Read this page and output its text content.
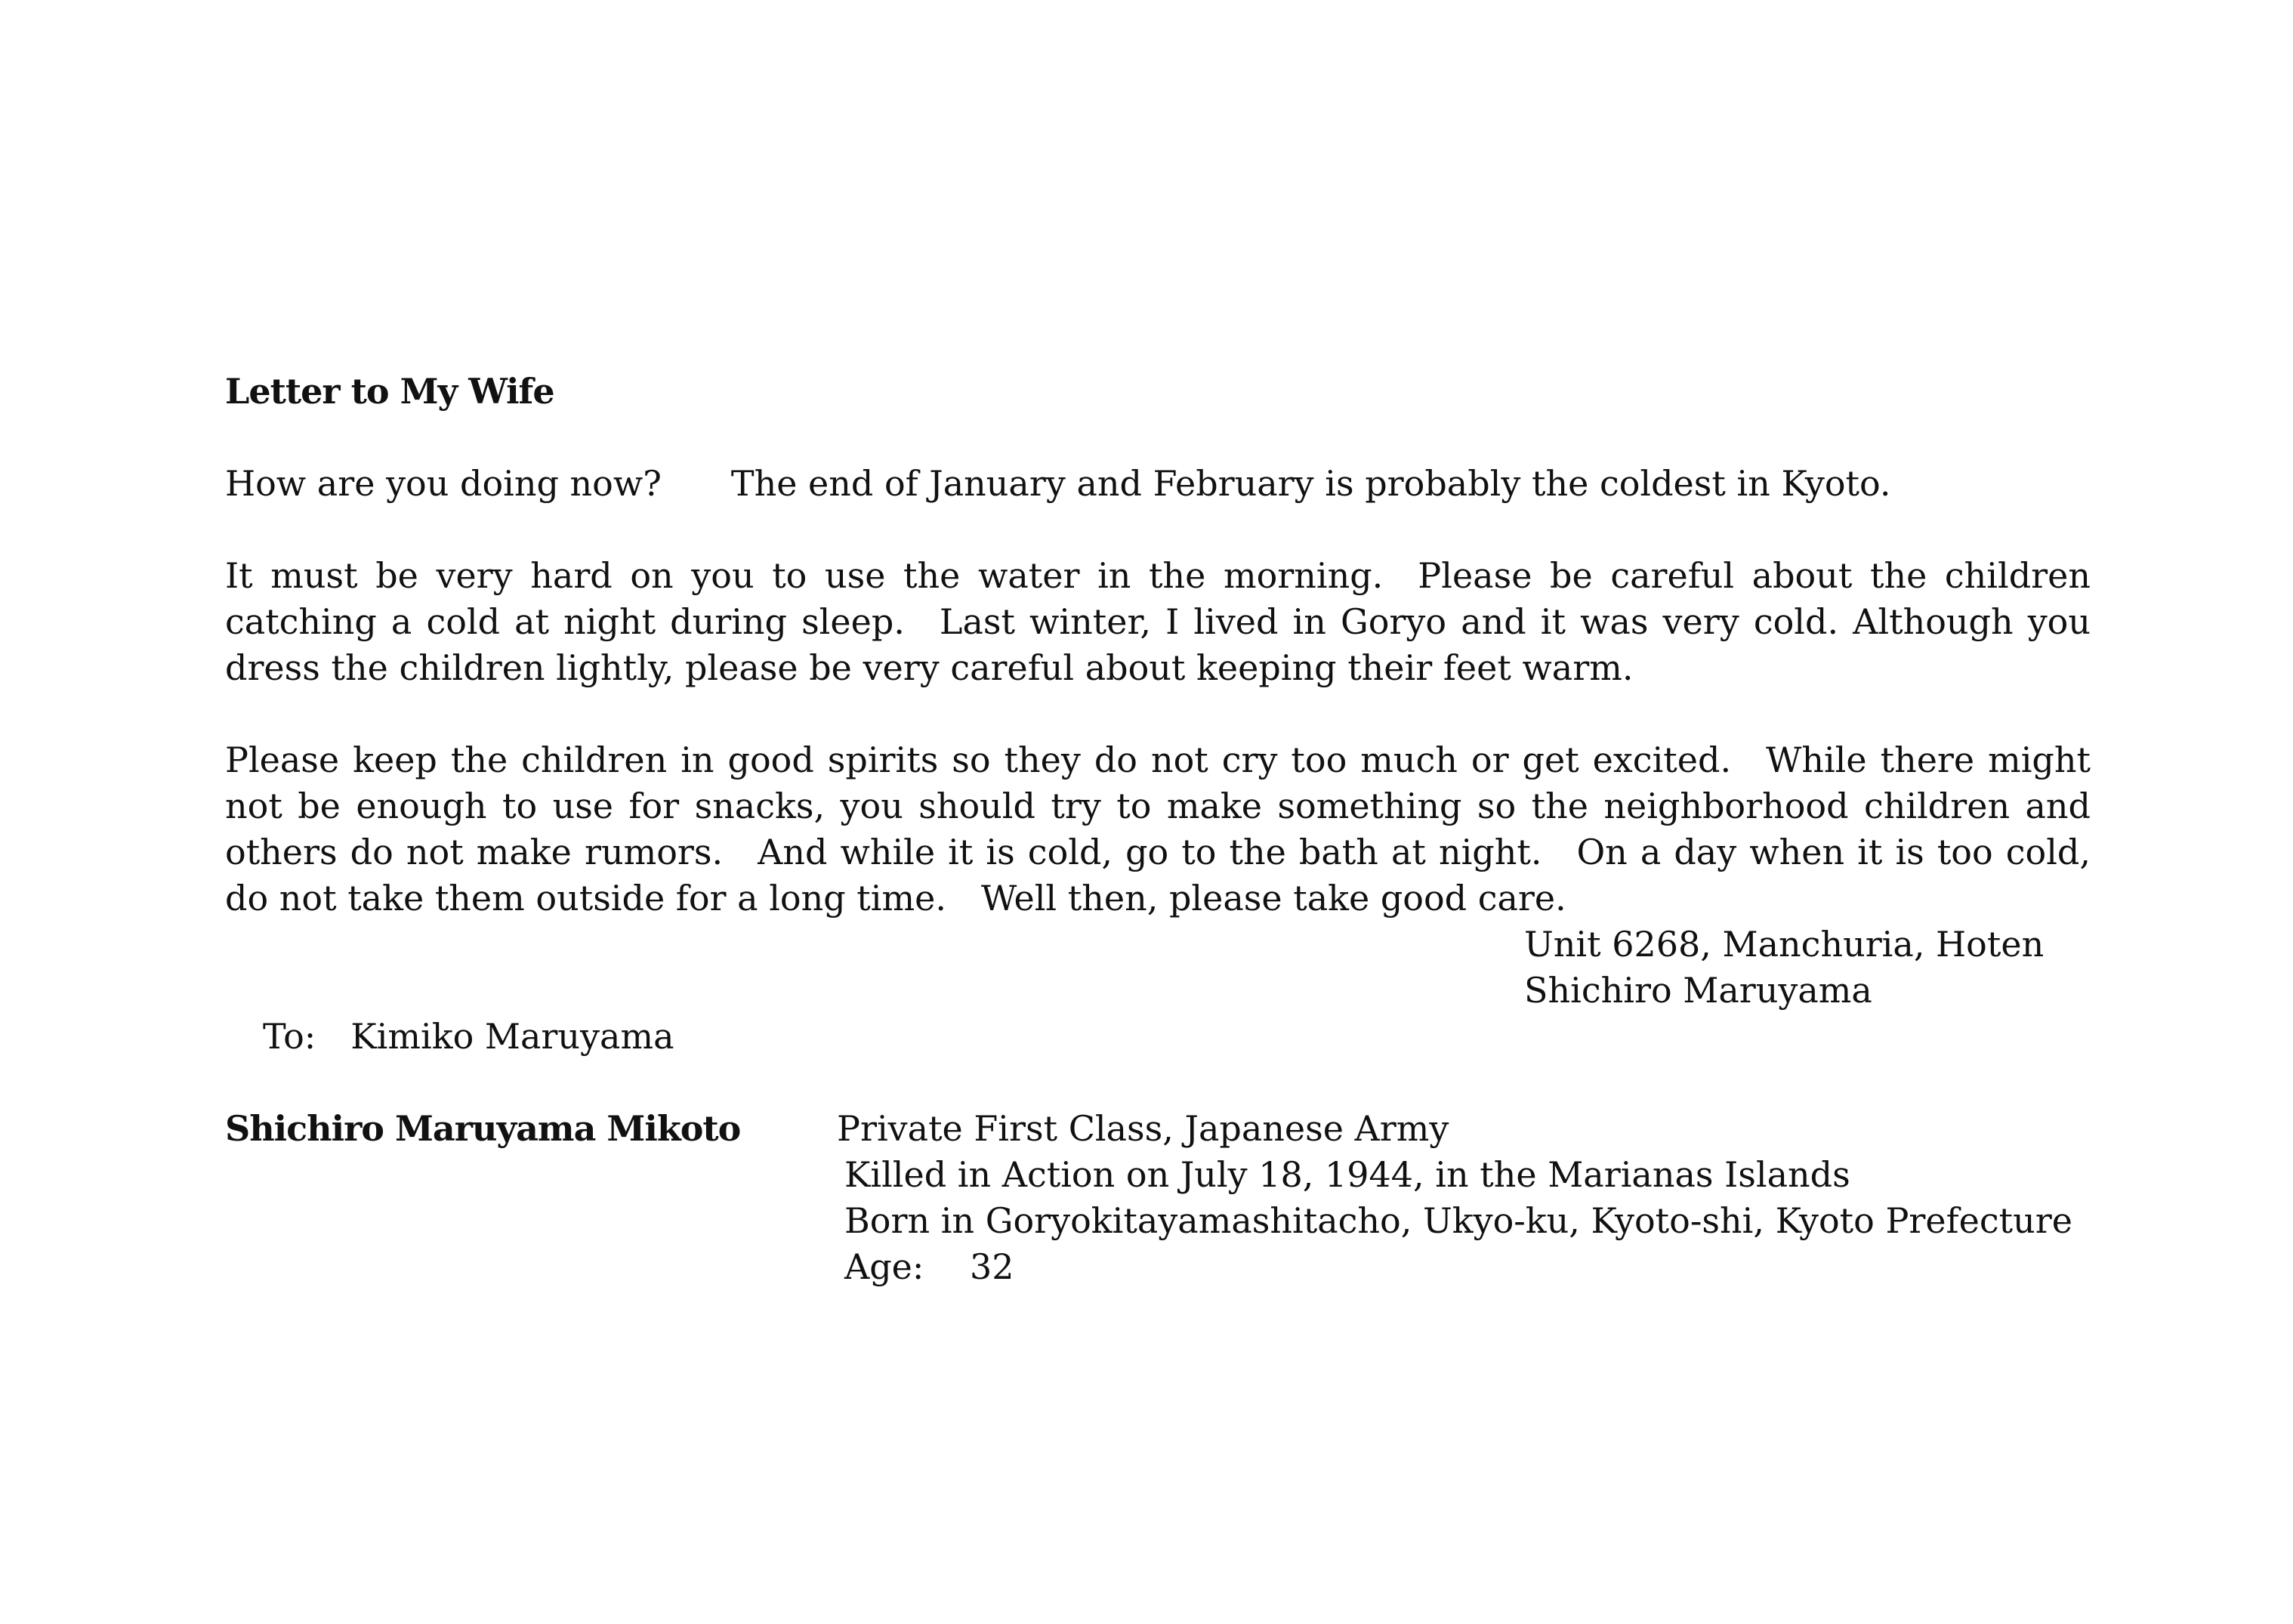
Letter to My Wife

How are you doing now?  The end of January and February is probably the coldest in Kyoto.

It must be very hard on you to use the water in the morning. Please be careful about the children catching a cold at night during sleep. Last winter, I lived in Goryo and it was very cold. Although you dress the children lightly, please be very careful about keeping their feet warm.

Please keep the children in good spirits so they do not cry too much or get excited. While there might not be enough to use for snacks, you should try to make something so the neighborhood children and others do not make rumors. And while it is cold, go to the bath at night. On a day when it is too cold, do not take them outside for a long time. Well then, please take good care.

Unit 6268, Manchuria, Hoten
Shichiro Maruyama
To: Kimiko Maruyama
Shichiro Maruyama Mikoto	Private First Class, Japanese Army
Killed in Action on July 18, 1944, in the Marianas Islands
Born in Goryokitayamashitacho, Ukyo-ku, Kyoto-shi, Kyoto Prefecture
Age:  32
